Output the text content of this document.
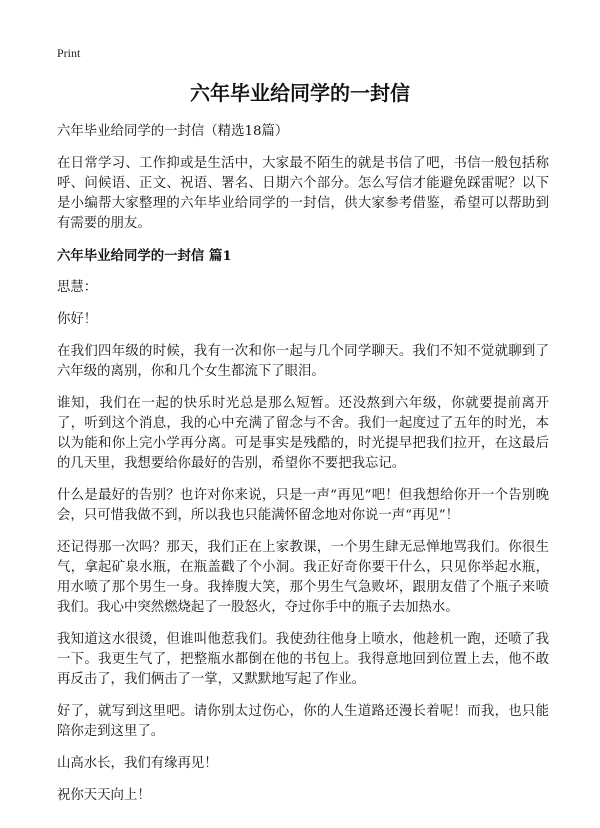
Print
六年毕业给同学的一封信

六年毕业给同学的一封信（精选18篇）

在日常学习、工作抑或是生活中，大家最不陌生的就是书信了吧，书信一般包括称呼、问候语、正文、祝语、署名、日期六个部分。怎么写信才能避免踩雷呢？以下是小编帮大家整理的六年毕业给同学的一封信，供大家参考借鉴，希望可以帮助到有需要的朋友。

六年毕业给同学的一封信 篇1

思慧：

你好！

在我们四年级的时候，我有一次和你一起与几个同学聊天。我们不知不觉就聊到了六年级的离别，你和几个女生都流下了眼泪。

谁知，我们在一起的快乐时光总是那么短暂。还没熬到六年级，你就要提前离开了，听到这个消息，我的心中充满了留念与不舍。我们一起度过了五年的时光，本以为能和你上完小学再分离。可是事实是残酷的，时光提早把我们拉开，在这最后的几天里，我想要给你最好的告别，希望你不要把我忘记。

什么是最好的告别？也许对你来说，只是一声“再见”吧！但我想给你开一个告别晚会，只可惜我做不到，所以我也只能满怀留念地对你说一声“再见”！

还记得那一次吗？那天，我们正在上家教课，一个男生肆无忌惮地骂我们。你很生气，拿起矿泉水瓶，在瓶盖戳了个小洞。我正好奇你要干什么，只见你举起水瓶，用水喷了那个男生一身。我捧腹大笑，那个男生气急败坏，跟朋友借了个瓶子来喷我们。我心中突然燃烧起了一股怒火，夺过你手中的瓶子去加热水。

我知道这水很烫，但谁叫他惹我们。我使劲往他身上喷水，他趁机一跑，还喷了我一下。我更生气了，把整瓶水都倒在他的书包上。我得意地回到位置上去，他不敢再反击了，我们俩击了一掌，又默默地写起了作业。

好了，就写到这里吧。请你别太过伤心，你的人生道路还漫长着呢！而我，也只能陪你走到这里了。

山高水长，我们有缘再见！

祝你天天向上！
